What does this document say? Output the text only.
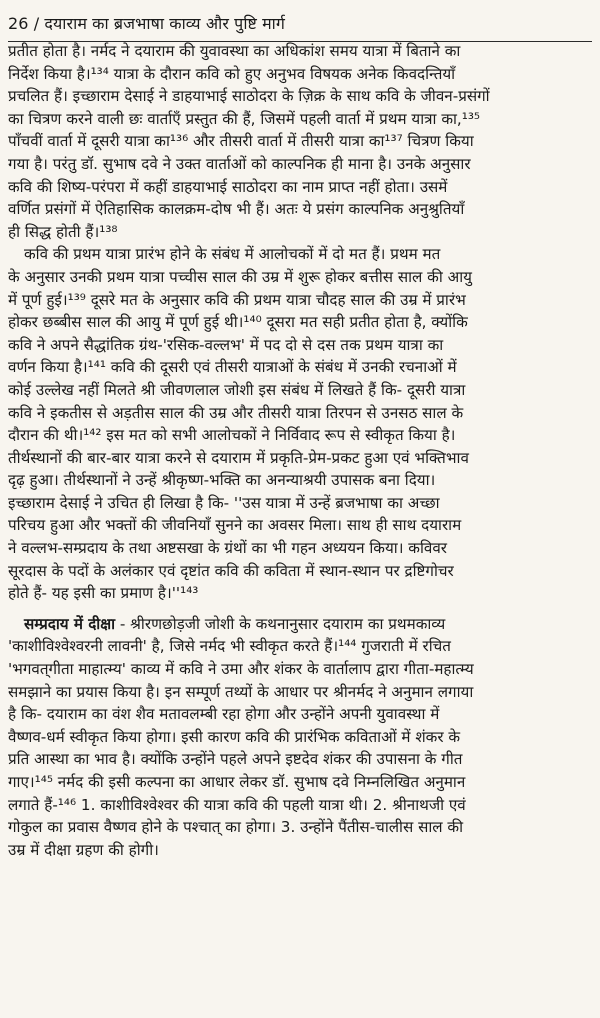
26 / दयाराम का ब्रजभाषा काव्य और पुष्टि मार्ग
प्रतीत होता है। नर्मद ने दयाराम की युवावस्था का अधिकांश समय यात्रा में बिताने का
निर्देश किया है।¹³⁴ यात्रा के दौरान कवि को हुए अनुभव विषयक अनेक किवदन्तियाँ
प्रचलित हैं। इच्छाराम देसाई ने डाहयाभाई साठोदरा के ज़िक्र के साथ कवि के जीवन-प्रसंगों
का चित्रण करने वाली छः वार्ताएँ प्रस्तुत की हैं, जिसमें पहली वार्ता में प्रथम यात्रा का,¹³⁵
पाँचवीं वार्ता में दूसरी यात्रा का¹³⁶ और तीसरी वार्ता में तीसरी यात्रा का¹³⁷ चित्रण किया
गया है। परंतु डॉ. सुभाष दवे ने उक्त वार्ताओं को काल्पनिक ही माना है। उनके अनुसार
कवि की शिष्य-परंपरा में कहीं डाहयाभाई साठोदरा का नाम प्राप्त नहीं होता। उसमें
वर्णित प्रसंगों में ऐतिहासिक कालक्रम-दोष भी हैं। अतः ये प्रसंग काल्पनिक अनुश्रुतियाँ
ही सिद्ध होती हैं।¹³⁸
कवि की प्रथम यात्रा प्रारंभ होने के संबंध में आलोचकों में दो मत हैं। प्रथम मत
के अनुसार उनकी प्रथम यात्रा पच्चीस साल की उम्र में शुरू होकर बत्तीस साल की आयु
में पूर्ण हुई।¹³⁹ दूसरे मत के अनुसार कवि की प्रथम यात्रा चौदह साल की उम्र में प्रारंभ
होकर छब्बीस साल की आयु में पूर्ण हुई थी।¹⁴⁰ दूसरा मत सही प्रतीत होता है, क्योंकि
कवि ने अपने सैद्धांतिक ग्रंथ-'रसिक-वल्लभ' में पद दो से दस तक प्रथम यात्रा का
वर्णन किया है।¹⁴¹ कवि की दूसरी एवं तीसरी यात्राओं के संबंध में उनकी रचनाओं में
कोई उल्लेख नहीं मिलते श्री जीवणलाल जोशी इस संबंध में लिखते हैं कि- दूसरी यात्रा
कवि ने इकतीस से अड़तीस साल की उम्र और तीसरी यात्रा तिरपन से उनसठ साल के
दौरान की थी।¹⁴² इस मत को सभी आलोचकों ने निर्विवाद रूप से स्वीकृत किया है।
तीर्थस्थानों की बार-बार यात्रा करने से दयाराम में प्रकृति-प्रेम-प्रकट हुआ एवं भक्तिभाव
दृढ़ हुआ। तीर्थस्थानों ने उन्हें श्रीकृष्ण-भक्ति का अनन्याश्रयी उपासक बना दिया।
इच्छाराम देसाई ने उचित ही लिखा है कि- ''उस यात्रा में उन्हें ब्रजभाषा का अच्छा
परिचय हुआ और भक्तों की जीवनियाँ सुनने का अवसर मिला। साथ ही साथ दयाराम
ने वल्लभ-सम्प्रदाय के तथा अष्टसखा के ग्रंथों का भी गहन अध्ययन किया। कविवर
सूरदास के पदों के अलंकार एवं दृष्टांत कवि की कविता में स्थान-स्थान पर द्रष्टिगोचर
होते हैं- यह इसी का प्रमाण है।''¹⁴³
सम्प्रदाय में दीक्षा - श्रीरणछोड़जी जोशी के कथनानुसार दयाराम का प्रथमकाव्य
'काशीविश्वेश्वरनी लावनी' है, जिसे नर्मद भी स्वीकृत करते हैं।¹⁴⁴ गुजराती में रचित
'भगवत्‌गीता माहात्म्य' काव्य में कवि ने उमा और शंकर के वार्तालाप द्वारा गीता-महात्म्य
समझाने का प्रयास किया है। इन सम्पूर्ण तथ्यों के आधार पर श्रीनर्मद ने अनुमान लगाया
है कि- दयाराम का वंश शैव मतावलम्बी रहा होगा और उन्होंने अपनी युवावस्था में
वैष्णव-धर्म स्वीकृत किया होगा। इसी कारण कवि की प्रारंभिक कविताओं में शंकर के
प्रति आस्था का भाव है। क्योंकि उन्होंने पहले अपने इष्टदेव शंकर की उपासना के गीत
गाए।¹⁴⁵ नर्मद की इसी कल्पना का आधार लेकर डॉ. सुभाष दवे निम्नलिखित अनुमान
लगाते हैं-¹⁴⁶ 1. काशीविश्वेश्वर की यात्रा कवि की पहली यात्रा थी। 2. श्रीनाथजी एवं
गोकुल का प्रवास वैष्णव होने के पश्चात् का होगा। 3. उन्होंने पैंतीस-चालीस साल की
उम्र में दीक्षा ग्रहण की होगी।
